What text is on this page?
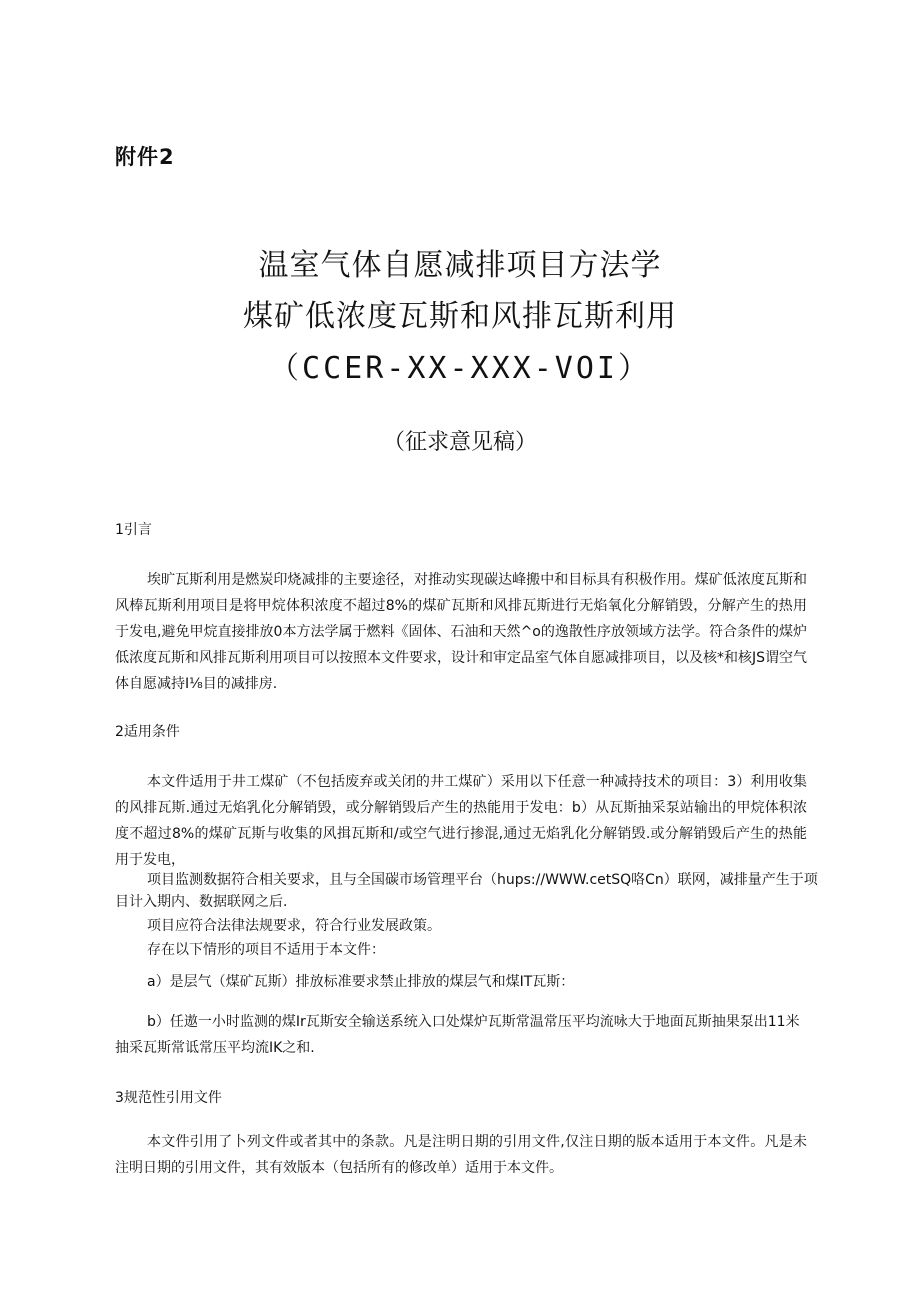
附件2
温室气体自愿减排项目方法学
煤矿低浓度瓦斯和风排瓦斯利用
（CCER-XX-XXX-VOI）
（征求意见稿）
1引言
埃旷瓦斯利用是燃炭印烧减排的主要途径，对推动实现碳达峰搬中和目标具有积极作用。煤矿低浓度瓦斯和风棒瓦斯利用项目是将甲烷体积浓度不超过8%的煤矿瓦斯和风排瓦斯进行无焰氧化分解销毁，分解产生的热用于发电,避免甲烷直接排放0本方法学属于燃料《固体、石油和天然^o的逸散性序放领域方法学。符合条件的煤炉低浓度瓦斯和风排瓦斯利用项目可以按照本文件要求，设计和审定品室气体自愿减排项目，以及核*和核JS谓空气体自愿减持I⅛目的减排房.
2适用条件
本文件适用于井工煤矿（不包括废弃或关闭的井工煤矿）采用以下任意一种减持技术的项目：3）利用收集的风排瓦斯.通过无焰乳化分解销毁，或分解销毁后产生的热能用于发电：b）从瓦斯抽采泵站输出的甲烷体积浓度不超过8%的煤矿瓦斯与收集的风揖瓦斯和/或空气进行掺混,通过无焰乳化分解销毁.或分解销毁后产生的热能用于发电，
项目监测数据符合相关要求，且与全国碳市场管理平台（hups://WWW.cetSQ咯Cn）联网，减排量产生于项
目计入期内、数据联网之后.
项目应符合法律法规要求，符合行业发展政策。
存在以下情形的项目不适用于本文件：
a）是层气（煤矿瓦斯）排放标准要求禁止排放的煤层气和煤IT瓦斯：
b）任遨一小时监测的煤Ir瓦斯安全输送系统入口处煤炉瓦斯常温常压平均流咏大于地面瓦斯抽果泵出11米抽采瓦斯常诋常压平均流IK之和.
3规范性引用文件
本文件引用了卜列文件或者其中的条款。凡是注明日期的引用文件,仅注日期的版本适用于本文件。凡是未注明日期的引用文件，其有效版本（包括所有的修改单）适用于本文件。
